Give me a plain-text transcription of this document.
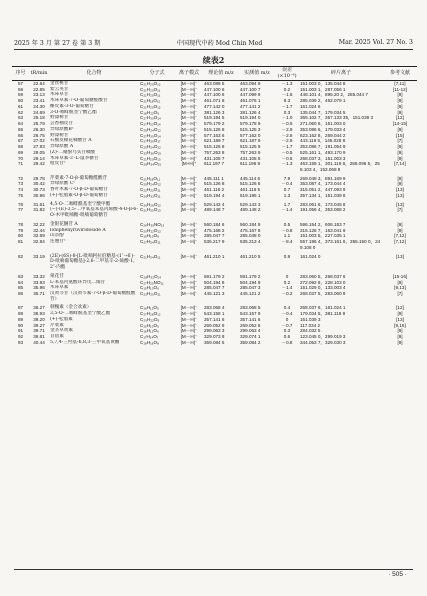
2025 年 3 月 第 27 卷 第 3 期	中国现代中药 Mod Chin Med	Mar. 2025 Vol. 27 No. 3
续表2
序号	tR/min	化合物	分子式	离子模式	理论值 m/z	实测值 m/z	误差 (×10⁻⁶)	碎片离子	参考文献
57	22.64	金丝桃苷	C₂₁H₂₀O₁₂	[M－H]⁻	463.088 5	463.094 9	－1.3	151.003 0，135.044 8	[7,11]
58	22.85	紫云英苷	C₂₁H₂₀O₁₁	[M－H]⁻	447.100 6	447.100 7	0.2	151.003 1，287.056 1	[11-12]
59	23.13	木犀草苷	C₂₁H₂₀O₁₁	[M－H]⁻	447.100 6	447.099 9	－1.6	448.101 4，895.20 2，285.044 7	[9]
60	23.41	木犀草素-7-O-葡萄糖醛酸苷	C₂₁H₁₈O₁₂	[M－H]⁻	461.071 8	461.076 1	9.3	285.039 2，462.079 1	[9]
61	24.30	槲皮素-3-O-葡萄糖苷	C₂₁H₂₀O₁₂	[M－H]⁻	477.142 0	477.141 2	－1.7	161.024 6	[9]
62	24.69	3-O-咖啡酰奎宁酸乙酯	C₁₈H₂₂O₉	[M－H]⁻	381.126 3	381.126 4	0.3	135.044 7，179.034 5	[9]
63	25.18	野漆树苷	C₂₇H₃₀O₁₄	[M－H]⁻	519.194 5	519.194 0	－1.0	365.102 7，357.133 35，151.039 3	[12]
64	25.79	芸香柚皮苷	C₂₇H₃₂O₁₄	[M－H]⁻	579.179 2	579.178 9	－0.5	271.060 6，151.003 0	[14-15]
65	26.30	异绿原酸Bᶜ	C₂₅H₂₄O₁₂	[M－H]⁻	515.126 8	515.125 3	－2.9	353.086 6，179.033 4	[9]
66	26.75	野漆树苷	C₂₇H₃₀O₁₄	[M－H]⁻	577.163 6	577.162 0	－2.8	623.162 8，269.044 2	[15]
67	27.02	石榴皮鞣花鞣酸苷 A	C₂₇H₃₀O₁₇	[M－H]⁻	621.189 7	621.187 9	－2.9	443.119 5，145.028 8	[7]
68	27.93	异绿原酸 A	C₂₅H₂₄O₁₂	[M－H]⁻	515.126 8	515.125 9	－1.7	353.086 7，191.054 9	[9]
69	29.05	(Z)-二聚酚乌头苷鞣酸	C₃₂H₃₆O₁₉	[M－H]⁻	757.263 8	757.263 9	－0.5	525.161 1，493.170 9	[9]
70	29.14	木犀草素-3′-L-鼠李糖苷	C₂₁H₂₀O₁₀	[M－H]⁻	431.105 7	431.105 5	－0.5	268.037 3，151.003 3	[9]
71	29.42	橙皮苷ᶜ	C₂₈H₃₄O₁₅	[M+H]⁺	611.197 7	611.196 9	－1.3	463.159 1，301.119 6，286.096 5，258.103 4，153.068 8	[7,14]
72	29.78	芹菜素-7-O-β-葡萄糖醛酸苷	C₂₁H₁₈O₁₁	[M－H]⁻	445.111 1	445.114 6	7.9	269.048 3，891.169 9	[9]
73	30.42	异绿原酸 Cᶜ	C₂₅H₂₄O₁₂	[M－H]⁻	515.126 8	515.126 6	－0.4	353.087 4，173.044 4	[9]
74	30.73	香叶木素-7-O-β-D-葡萄糖苷	C₂₂H₂₂O₁₁	[M－H]⁻	461.116 2	461.116 5	0.7	315.051 2，447.093 9	[13]
75	30.96	(+)-松脂素-O-β-D-葡萄糖苷	C₂₆H₃₂O₁₁	[M－H]⁻	519.194 4	519.195 1	1.3	357.134 1，151.039 8	[13]
76	31.61	4,5-O-二咖啡酰基奎宁酸甲酯	C₂₆H₂₆O₁₂	[M－H]⁻	529.142 4	529.143 3	1.7	283.061 6，173.045 8	[13]
77	31.82	(−)-(E)-3,5-二甲氧基苯基丙烯酸-4-O-β-6-O-木甲吡喃糖-吡喃葡萄糖苷	C₂₁H₃₀O₁₃	[M－H]⁻	489.148 7	489.148 2	－1.4	191.056 4，353.088 2	[7]
78	32.22	金银花醚苷 A	C₂₆H₃₅NO₁₃	[M－H]⁻	560.184 6	560.184 9	0.5	596.154 2，606.183 7	[9]
79	32.44	loniphenyruviridoside A	C₂₀H₂₂O₁₂	[M－H]⁻	475.168 2	475.167 8	－0.8	315.128 7，163.041 9	[9]
80	32.69	山奈酚	C₁₅H₁₀O₆	[M－H]⁻	285.047 7	285.048 0	1.1	151.003 5，227.035 1	[7,12]
81	32.84	连翘苷ᶜ	C₂₇H₃₄O₁₁	[M－H]⁻	535.217 9	535.213 4	－8.4	557.196 4，373.161 6，355.150 0，249.108 0	[7,12]
82	33.19	(2E)-(6S)-8-[L-吡喃阿拉伯糖基-(1″→6′)-D-吡喃葡萄糖基]-2,6-二甲基辛-2-烯酸-1,2″-内酯	C₂₁H₃₄O₁₁	[M－H]⁻	461.210 1	461.210 5	0.9	161.024 0	[13]
83	33.32	蒙花苷	C₂₈H₃₂O₁₄	[M－H]⁻	591.179 2	591.179 2	0	283.060 5，268.037 6	[15-16]
84	33.93	L-苯基丙氨酸环异戊二烯苷	C₂₇H₂₀NO₁₁	[M－H]⁻	504.194 8	504.194 9	0.2	272.092 8，228.103 0	[9]
85	35.96	木犀草素	C₁₅H₁₀O₆	[M－H]⁻	285.047 7	285.047 3	－1.4	151.029 0，133.003 4	[9,13]
86	35.71	汉黄芩苷（汉黄芩素-7-O-β-D-葡萄糖醛酸苷）	C₂₂H₂₀O₁₁	[M－H]⁻	445.121 3	445.121 2	－0.2	268.037 5，283.060 9	[7]
87	36.27	刺槐素（金合欢素）	C₁₆H₁₂O₅	[M－H]⁻	283.068 4	283.068 5	0.4	268.037 6，161.024 1	[12]
88	36.93	3,5-O-二咖啡酰基奎宁酸乙酯	C₂₇H₂₈O₁₂	[M－H]⁻	543.158 1	543.157 9	－0.4	179.034 5，381.118 9	[9]
89	39.20	(+)-松脂素	C₂₀H₂₂O₆	[M－H]⁻	357.141 6	357.141 6	0	151.039 3	[13]
90	39.27	芹菜素	C₁₅H₁₀O₅	[M－H]⁻	269.052 8	269.052 6	－0.7	117.034 2	[9,16]
91	39.71	金圣草黄素	C₁₆H₁₂O₆	[M－H]⁻	299.063 3	299.063 4	0.3	284.032 5	[9]
92	39.81	苜蓿素	C₁₇H₁₄O₇	[M－H]⁻	329.073 8	329.074 1	0.6	123.045 0，299.019 3	[9]
93	40.44	5,7,4-三羟基-6,8,3-三甲氧基黄酮	C₁₈H₁₆O₈	[M－H]⁻	359.084 5	359.084 2	－0.8	344.053 7，329.030 3	[9]
· 505 ·
